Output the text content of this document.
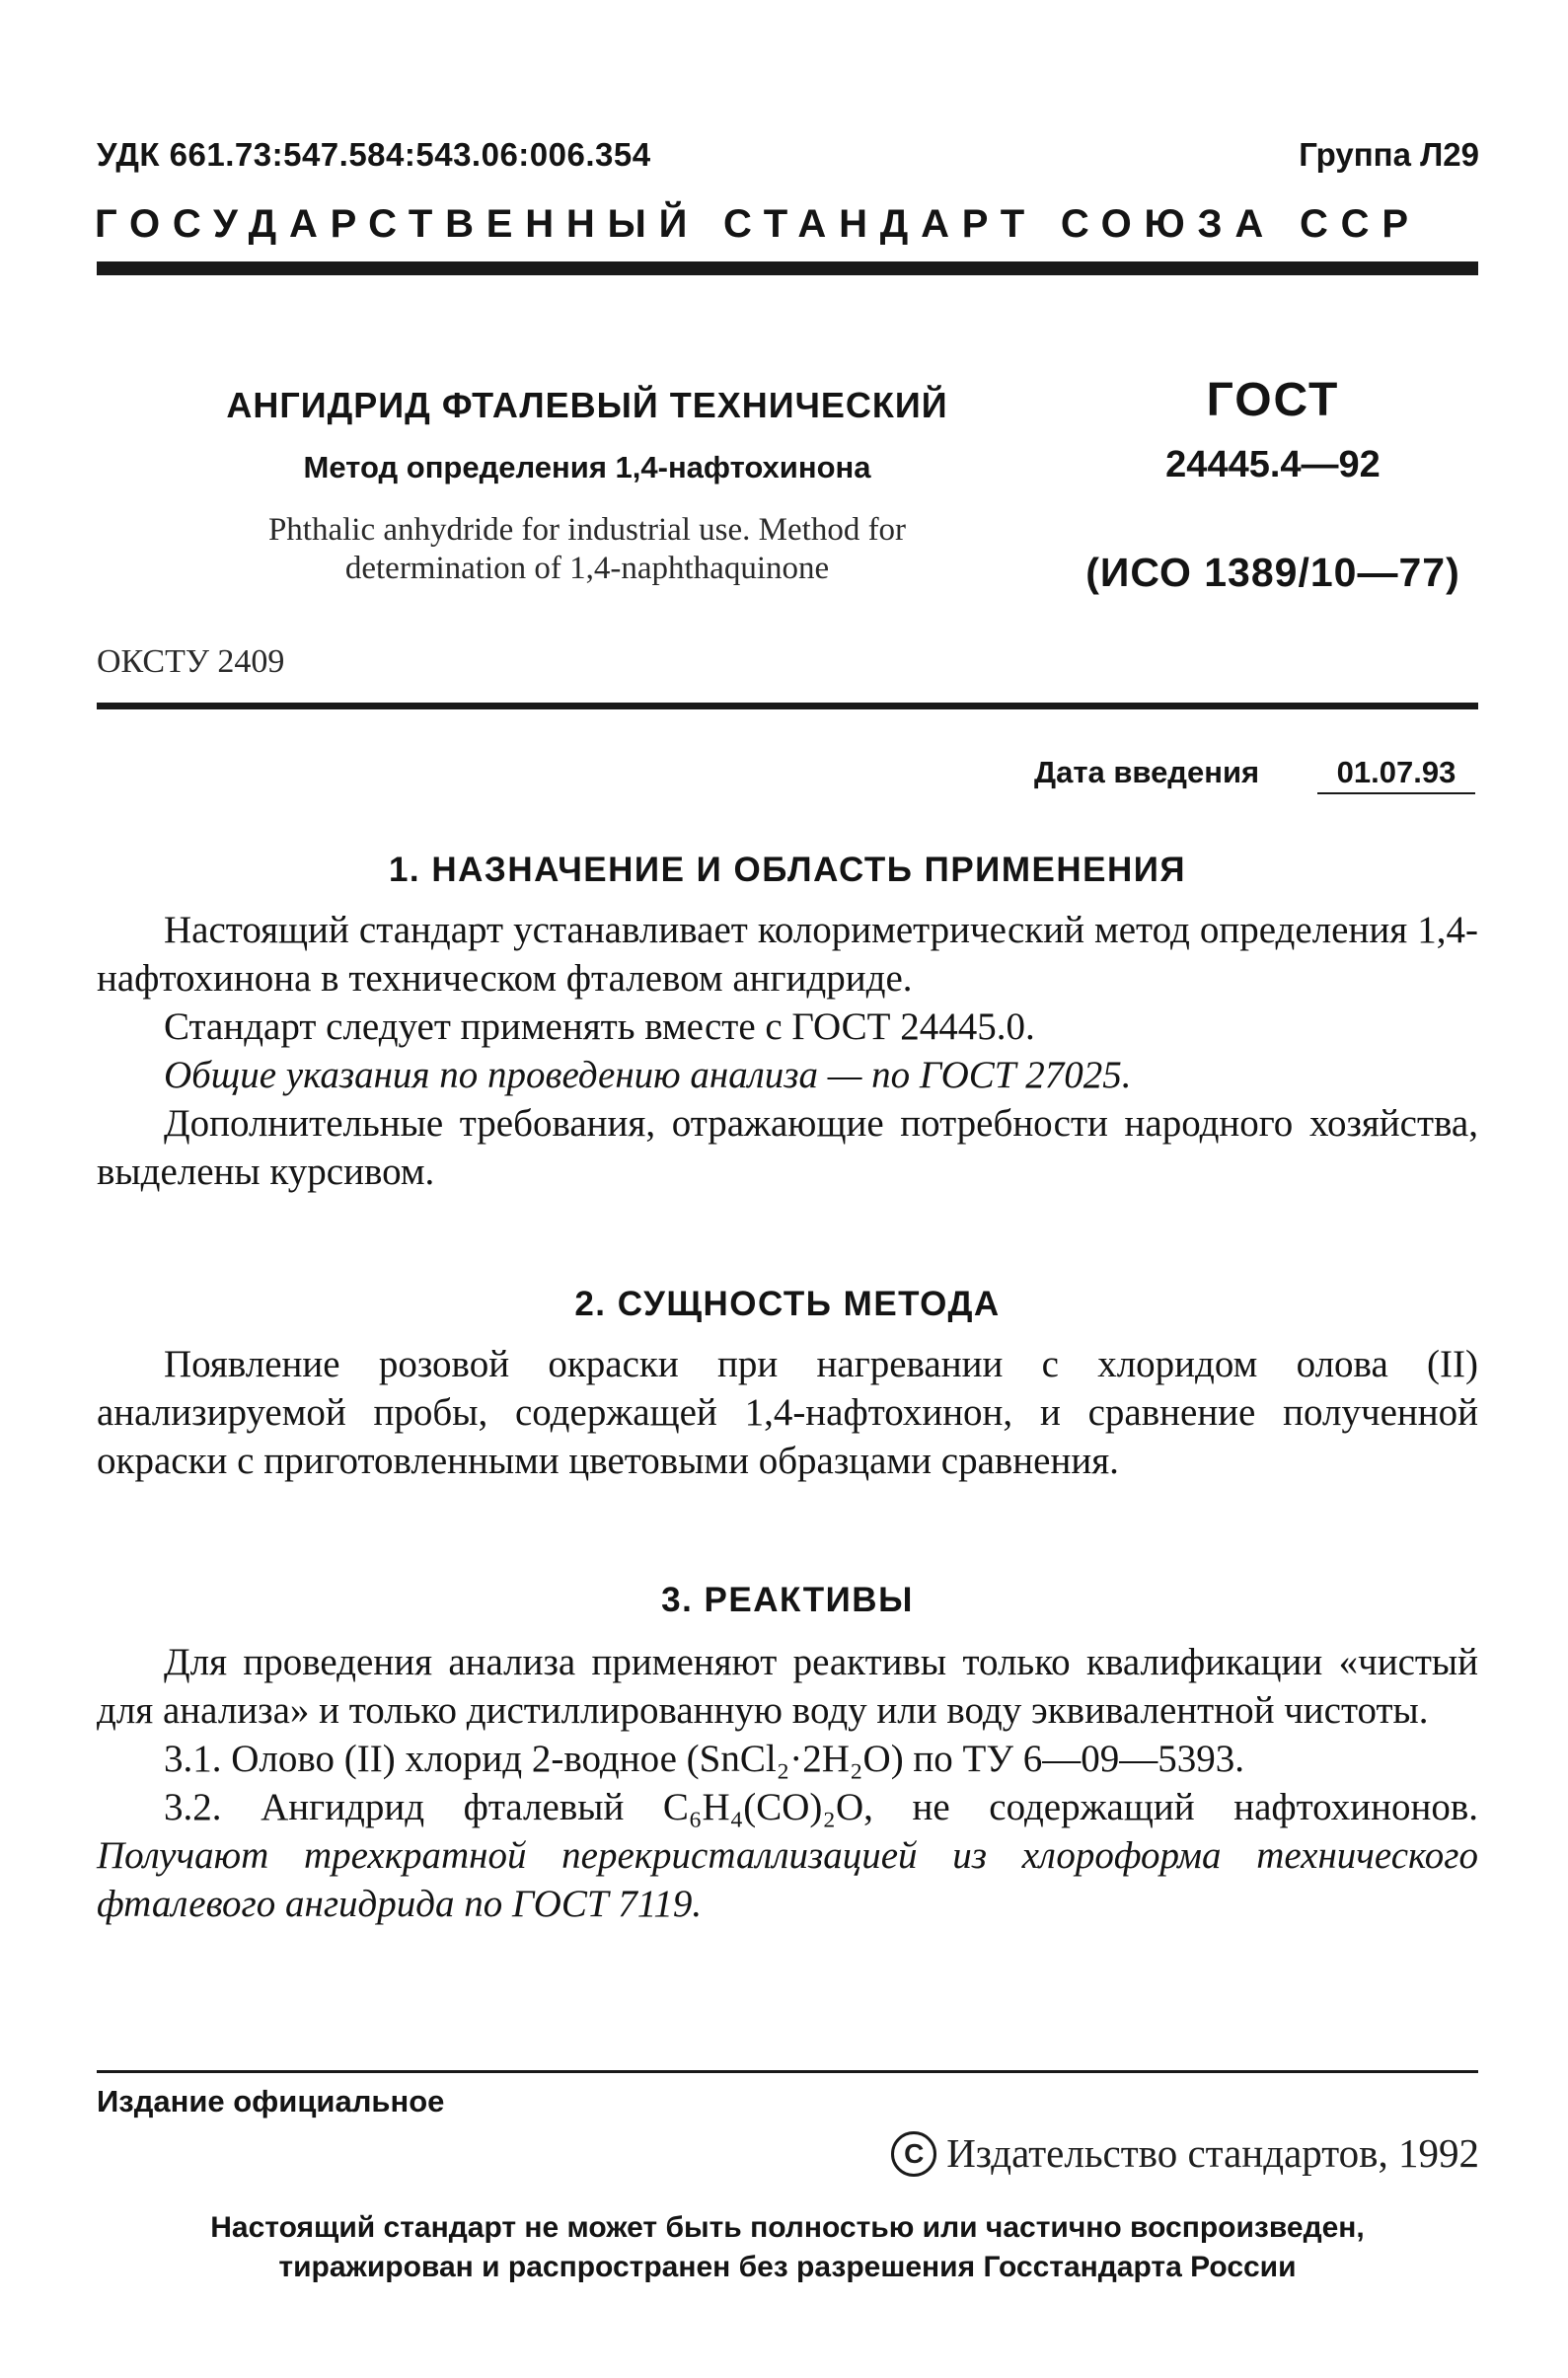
УДК 661.73:547.584:543.06:006.354	Группа Л29
ГОСУДАРСТВЕННЫЙ СТАНДАРТ СОЮЗА ССР
АНГИДРИД ФТАЛЕВЫЙ ТЕХНИЧЕСКИЙ
Метод определения 1,4-нафтохинона
Phthalic anhydride for industrial use. Method for
determination of 1,4-naphthaquinone
ГОСТ
24445.4—92
(ИСО 1389/10—77)
ОКСТУ 2409
Дата введения	01.07.93
1. НАЗНАЧЕНИЕ И ОБЛАСТЬ ПРИМЕНЕНИЯ

Настоящий стандарт устанавливает колориметрический метод определения 1,4-нафтохинона в техническом фталевом ангидриде.

Стандарт следует применять вместе с ГОСТ 24445.0.

Общие указания по проведению анализа — по ГОСТ 27025.

Дополнительные требования, отражающие потребности народного хозяйства, выделены курсивом.

2. СУЩНОСТЬ МЕТОДА

Появление розовой окраски при нагревании с хлоридом олова (II) анализируемой пробы, содержащей 1,4-нафтохинон, и сравнение полученной окраски с приготовленными цветовыми образцами сравнения.

3. РЕАКТИВЫ

Для проведения анализа применяют реактивы только квалификации «чистый для анализа» и только дистиллированную воду или воду эквивалентной чистоты.

3.1. Олово (II) хлорид 2-водное (SnCl₂·2H₂O) по ТУ 6—09—5393.

3.2. Ангидрид фталевый C₆H₄(CO)₂O, не содержащий нафтохинонов. Получают трехкратной перекристаллизацией из хлороформа технического фталевого ангидрида по ГОСТ 7119.

Издание официальное
C Издательство стандартов, 1992
Настоящий стандарт не может быть полностью или частично воспроизведен,
тиражирован и распространен без разрешения Госстандарта России
